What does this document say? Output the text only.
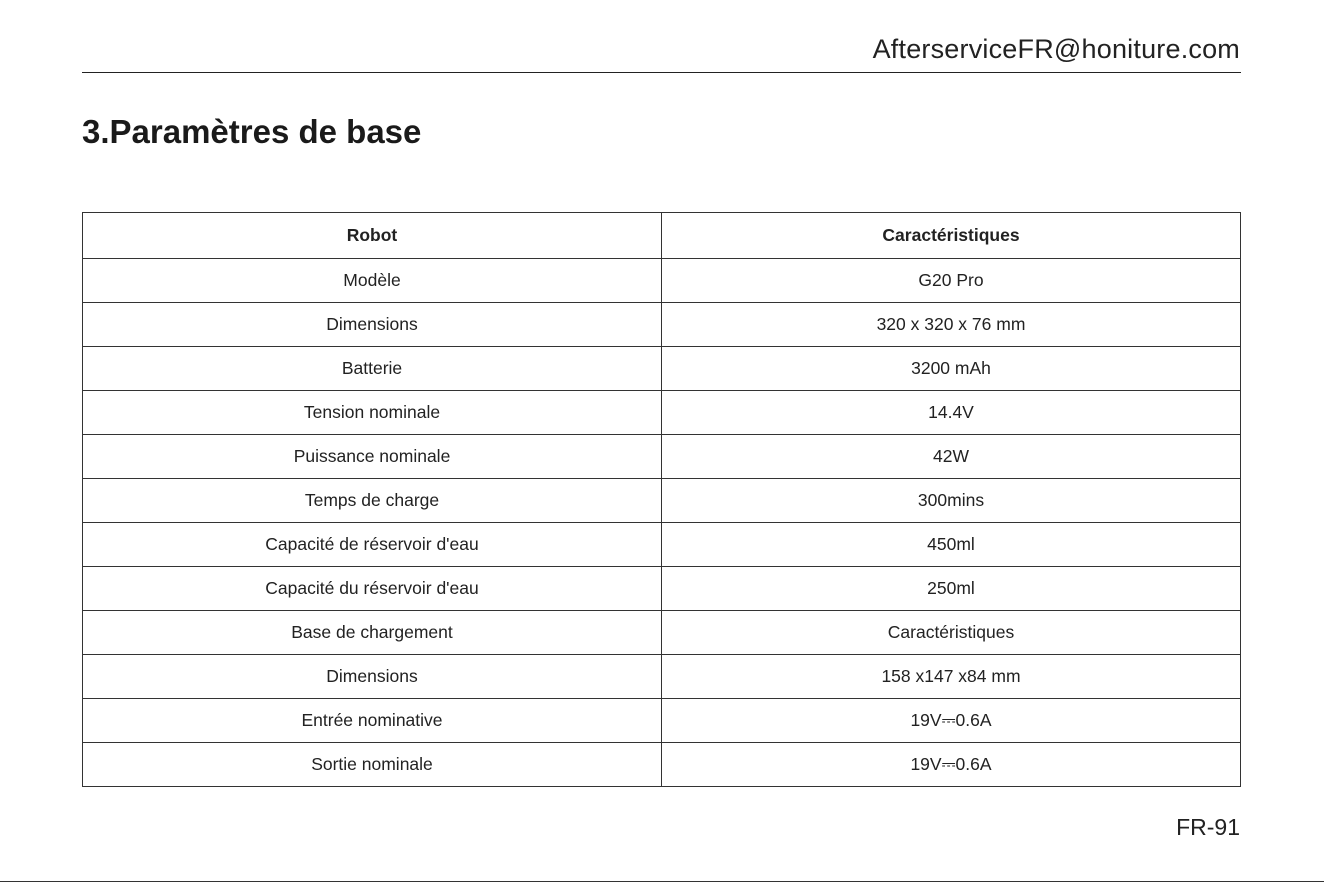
AfterserviceFR@honiture.com
3.Paramètres de base
Robot	Caractéristiques
Modèle	G20 Pro
Dimensions	320 x 320 x 76 mm
Batterie	3200 mAh
Tension nominale	14.4V
Puissance nominale	42W
Temps de charge	300mins
Capacité de réservoir d'eau	450ml
Capacité du réservoir d'eau	250ml
Base de chargement	Caractéristiques
Dimensions	158 x147 x84 mm
Entrée nominative	19V⎓0.6A
Sortie nominale	19V⎓0.6A
FR-91
